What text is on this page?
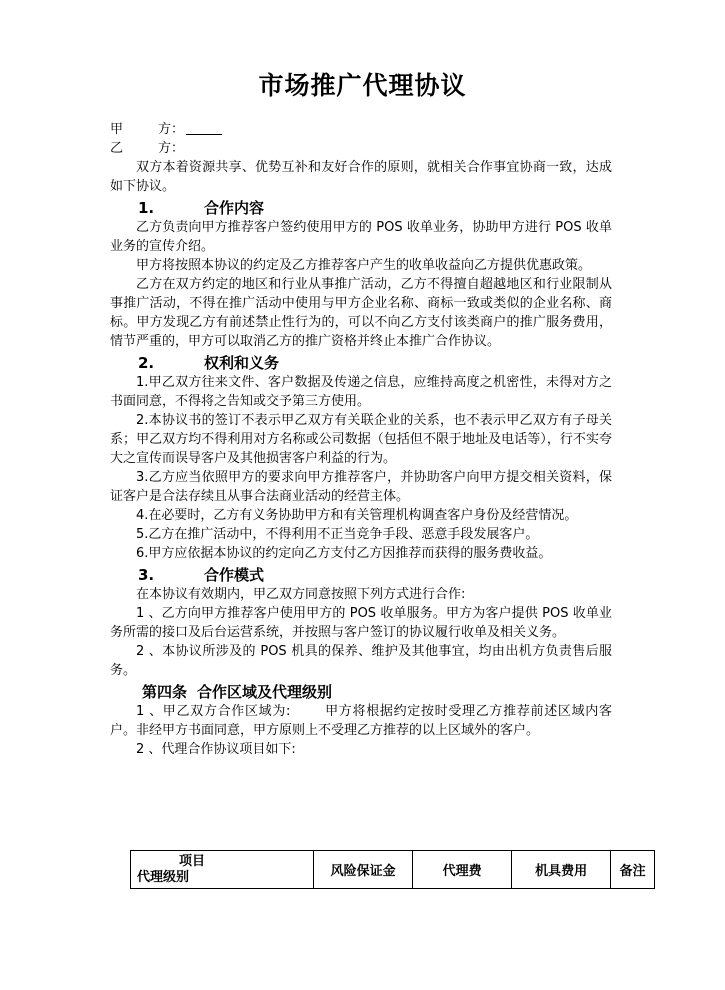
市场推广代理协议
甲	方：
乙	方：

双方本着资源共享、优势互补和友好合作的原则，就相关合作事宜协商一致，达成如下协议。

1.	合作内容

乙方负责向甲方推荐客户签约使用甲方的 POS 收单业务，协助甲方进行 POS 收单业务的宣传介绍。

甲方将按照本协议的约定及乙方推荐客户产生的收单收益向乙方提供优惠政策。

乙方在双方约定的地区和行业从事推广活动，乙方不得擅自超越地区和行业限制从事推广活动，不得在推广活动中使用与甲方企业名称、商标一致或类似的企业名称、商标。甲方发现乙方有前述禁止性行为的，可以不向乙方支付该类商户的推广服务费用，情节严重的，甲方可以取消乙方的推广资格并终止本推广合作协议。

2.	权利和义务

1.甲乙双方往来文件、客户数据及传递之信息，应维持高度之机密性，未得对方之书面同意，不得将之告知或交予第三方使用。

2.本协议书的签订不表示甲乙双方有关联企业的关系，也不表示甲乙双方有子母关系；甲乙双方均不得利用对方名称或公司数据（包括但不限于地址及电话等），行不实夸大之宣传而误导客户及其他损害客户利益的行为。

3.乙方应当依照甲方的要求向甲方推荐客户，并协助客户向甲方提交相关资料，保证客户是合法存续且从事合法商业活动的经营主体。

4.在必要时，乙方有义务协助甲方和有关管理机构调查客户身份及经营情况。

5.乙方在推广活动中，不得利用不正当竞争手段、恶意手段发展客户。

6.甲方应依据本协议的约定向乙方支付乙方因推荐而获得的服务费收益。

3.	合作模式

在本协议有效期内，甲乙双方同意按照下列方式进行合作:

1 、乙方向甲方推荐客户使用甲方的 POS 收单服务。甲方为客户提供 POS 收单业务所需的接口及后台运营系统，并按照与客户签订的协议履行收单及相关义务。

2 、本协议所涉及的 POS 机具的保养、维护及其他事宜，均由出机方负责售后服务。

第四条 合作区域及代理级别

1 、甲乙双方合作区域为:	甲方将根据约定按时受理乙方推荐前述区域内客户。非经甲方书面同意，甲方原则上不受理乙方推荐的以上区域外的客户。

2 、代理合作协议项目如下:

项目
代理级别	风险保证金	代理费	机具费用	备注
